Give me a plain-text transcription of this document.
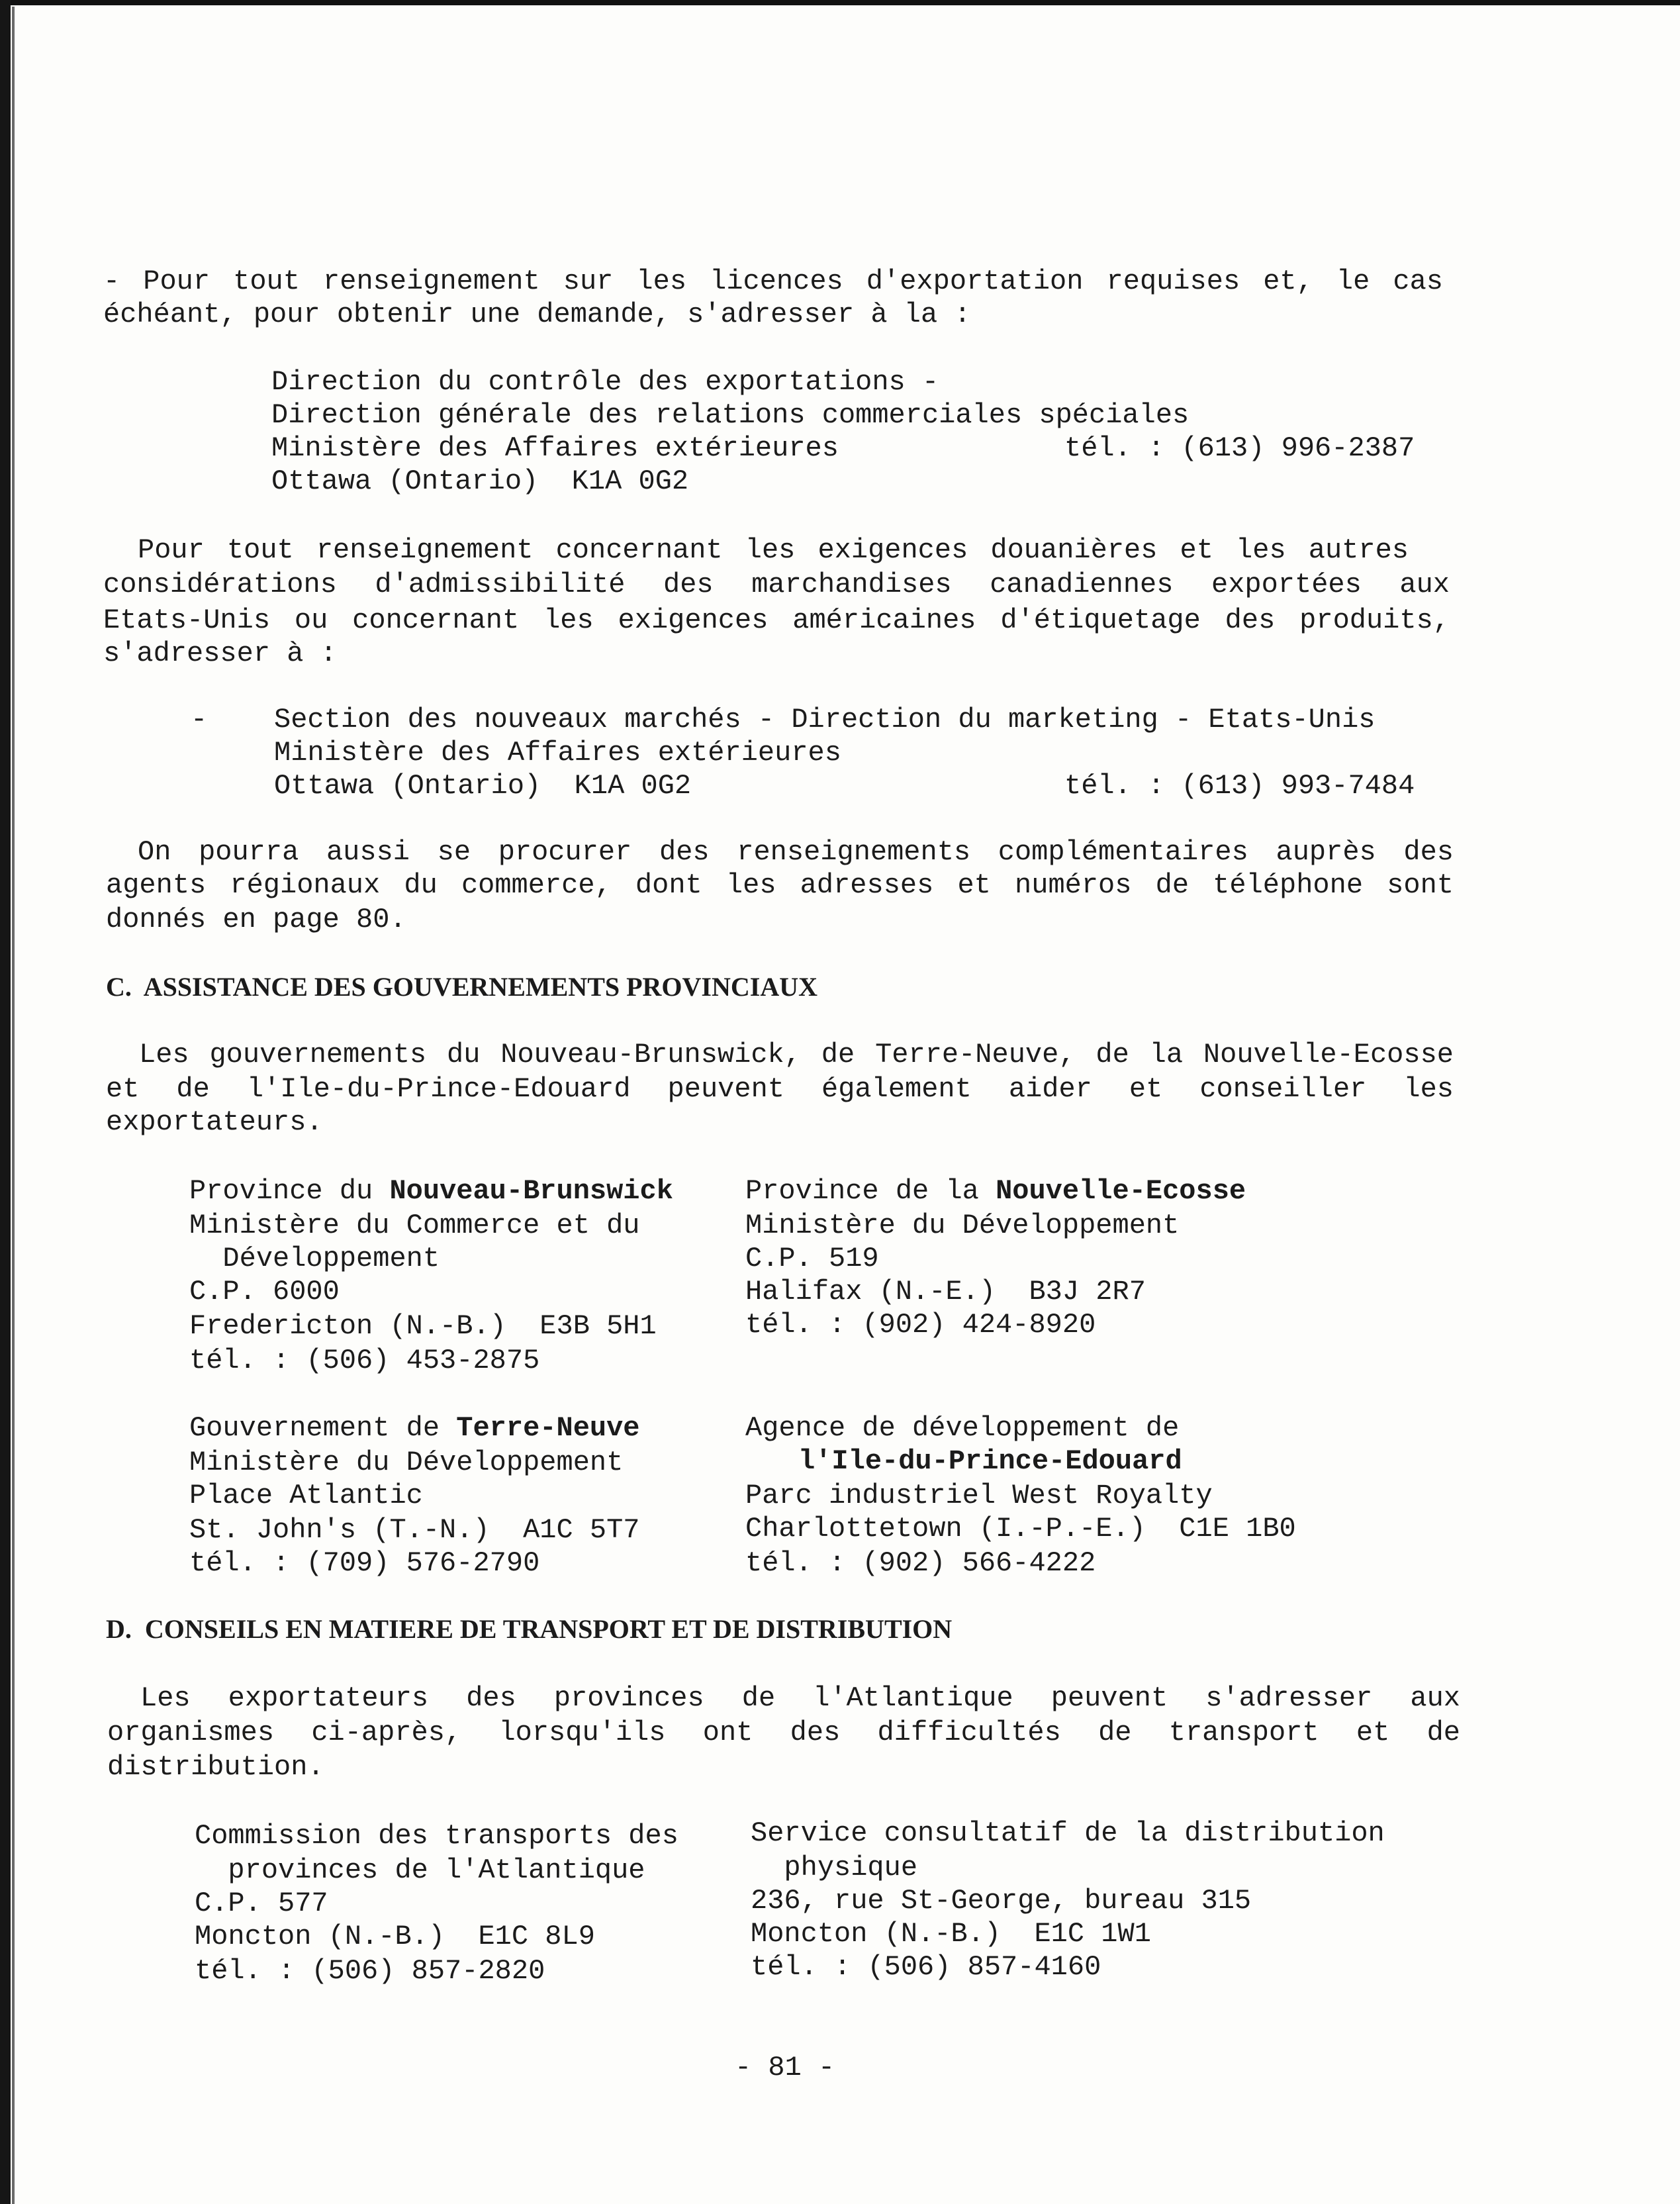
- Pour tout renseignement sur les licences d'exportation requises et, le cas
échéant, pour obtenir une demande, s'adresser à la :
Direction du contrôle des exportations -
Direction générale des relations commerciales spéciales
Ministère des Affaires extérieures	tél. : (613) 996-2387
Ottawa (Ontario)  K1A 0G2
Pour tout renseignement concernant les exigences douanières et les autres
considérations d'admissibilité des marchandises canadiennes exportées aux
Etats-Unis ou concernant les exigences américaines d'étiquetage des produits,
s'adresser à :
- Section des nouveaux marchés - Direction du marketing - Etats-Unis
Ministère des Affaires extérieures
Ottawa (Ontario)  K1A 0G2	tél. : (613) 993-7484
On pourra aussi se procurer des renseignements complémentaires auprès des
agents régionaux du commerce, dont les adresses et numéros de téléphone sont
donnés en page 80.
C.  ASSISTANCE DES GOUVERNEMENTS PROVINCIAUX
Les gouvernements du Nouveau-Brunswick, de Terre-Neuve, de la Nouvelle-Ecosse
et de l'Ile-du-Prince-Edouard peuvent également aider et conseiller les
exportateurs.
Province du Nouveau-Brunswick
Ministère du Commerce et du
Développement
C.P. 6000
Fredericton (N.-B.)  E3B 5H1
tél. : (506) 453-2875
Province de la Nouvelle-Ecosse
Ministère du Développement
C.P. 519
Halifax (N.-E.)  B3J 2R7
tél. : (902) 424-8920
Gouvernement de Terre-Neuve
Ministère du Développement
Place Atlantic
St. John's (T.-N.)  A1C 5T7
tél. : (709) 576-2790
Agence de développement de
l'Ile-du-Prince-Edouard
Parc industriel West Royalty
Charlottetown (I.-P.-E.)  C1E 1B0
tél. : (902) 566-4222
D.  CONSEILS EN MATIERE DE TRANSPORT ET DE DISTRIBUTION
Les exportateurs des provinces de l'Atlantique peuvent s'adresser aux
organismes ci-après, lorsqu'ils ont des difficultés de transport et de
distribution.
Commission des transports des
provinces de l'Atlantique
C.P. 577
Moncton (N.-B.)  E1C 8L9
tél. : (506) 857-2820
Service consultatif de la distribution
physique
236, rue St-George, bureau 315
Moncton (N.-B.)  E1C 1W1
tél. : (506) 857-4160
- 81 -
